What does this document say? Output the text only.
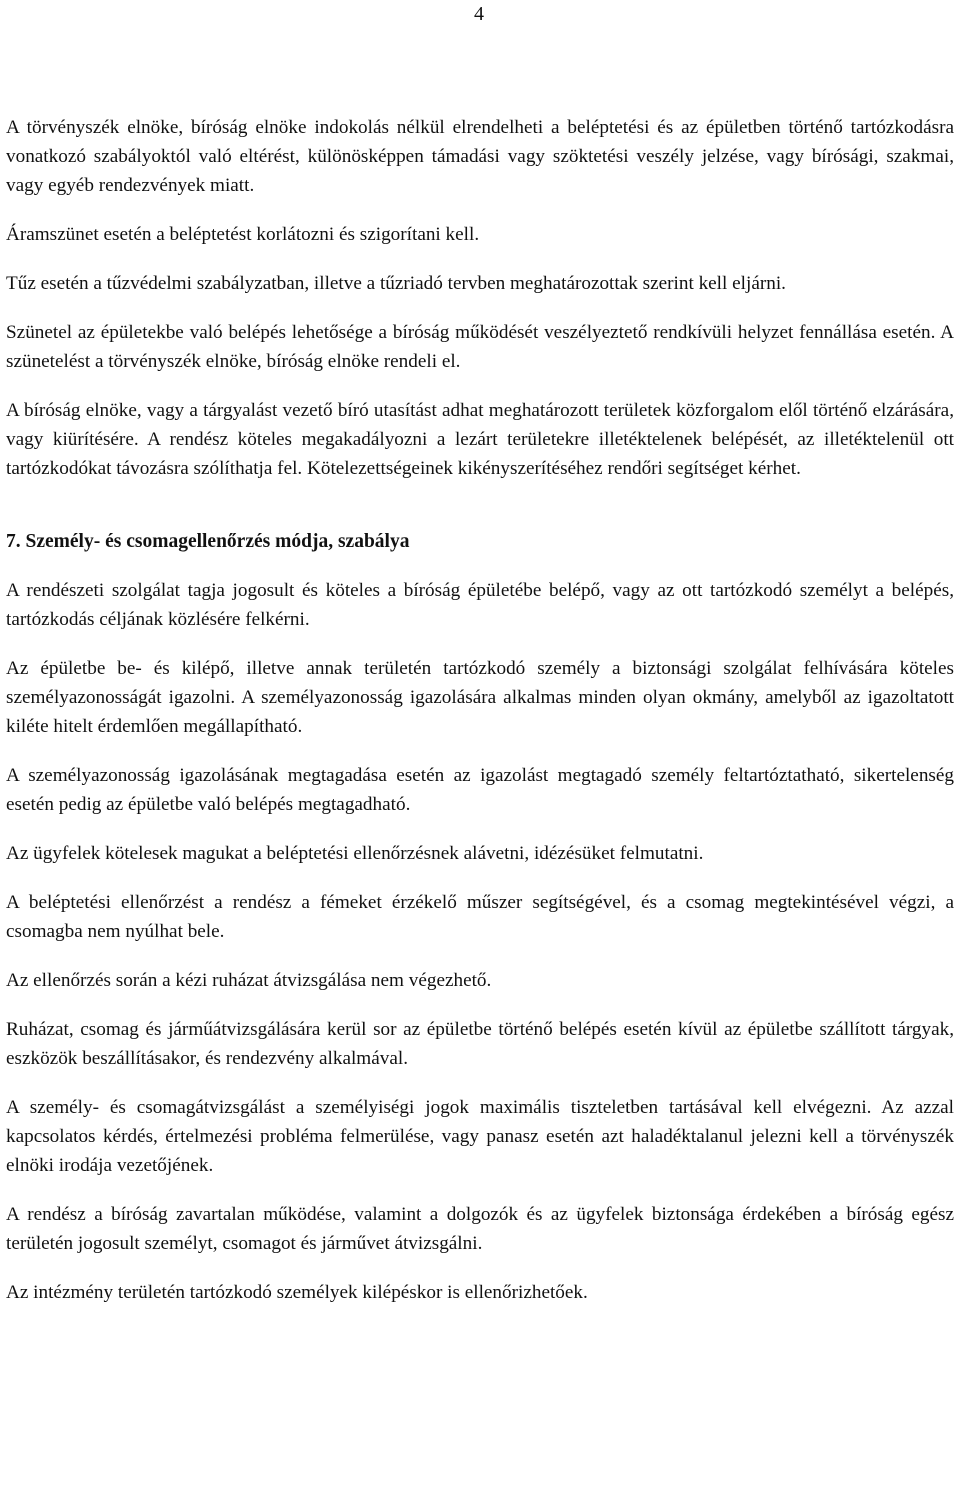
4

A törvényszék elnöke, bíróság elnöke indokolás nélkül elrendelheti a beléptetési és az épületben történő tartózkodásra vonatkozó szabályoktól való eltérést, különösképpen támadási vagy szöktetési veszély jelzése, vagy bírósági, szakmai, vagy egyéb rendezvények miatt.

Áramszünet esetén a beléptetést korlátozni és szigorítani kell.

Tűz esetén a tűzvédelmi szabályzatban, illetve a tűzriadó tervben meghatározottak szerint kell eljárni.

Szünetel az épületekbe való belépés lehetősége a bíróság működését veszélyeztető rendkívüli helyzet fennállása esetén. A szünetelést a törvényszék elnöke, bíróság elnöke rendeli el.

A bíróság elnöke, vagy a tárgyalást vezető bíró utasítást adhat meghatározott területek közforgalom elől történő elzárására, vagy kiürítésére. A rendész köteles megakadályozni a lezárt területekre illetéktelenek belépését, az illetéktelenül ott tartózkodókat távozásra szólíthatja fel. Kötelezettségeinek kikényszerítéséhez rendőri segítséget kérhet.

7. Személy- és csomagellenőrzés módja, szabálya

A rendészeti szolgálat tagja jogosult és köteles a bíróság épületébe belépő, vagy az ott tartózkodó személyt a belépés, tartózkodás céljának közlésére felkérni.

Az épületbe be- és kilépő, illetve annak területén tartózkodó személy a biztonsági szolgálat felhívására köteles személyazonosságát igazolni. A személyazonosság igazolására alkalmas minden olyan okmány, amelyből az igazoltatott kiléte hitelt érdemlően megállapítható.

A személyazonosság igazolásának megtagadása esetén az igazolást megtagadó személy feltartóztatható, sikertelenség esetén pedig az épületbe való belépés megtagadható.

Az ügyfelek kötelesek magukat a beléptetési ellenőrzésnek alávetni, idézésüket felmutatni.

A beléptetési ellenőrzést a rendész a fémeket érzékelő műszer segítségével, és a csomag megtekintésével végzi, a csomagba nem nyúlhat bele.

Az ellenőrzés során a kézi ruházat átvizsgálása nem végezhető.

Ruházat, csomag és járműátvizsgálására kerül sor az épületbe történő belépés esetén kívül az épületbe szállított tárgyak, eszközök beszállításakor, és rendezvény alkalmával.

A személy- és csomagátvizsgálást a személyiségi jogok maximális tiszteletben tartásával kell elvégezni. Az azzal kapcsolatos kérdés, értelmezési probléma felmerülése, vagy panasz esetén azt haladéktalanul jelezni kell a törvényszék elnöki irodája vezetőjének.

A rendész a bíróság zavartalan működése, valamint a dolgozók és az ügyfelek biztonsága érdekében a bíróság egész területén jogosult személyt, csomagot és járművet átvizsgálni.

Az intézmény területén tartózkodó személyek kilépéskor is ellenőrizhetőek.
